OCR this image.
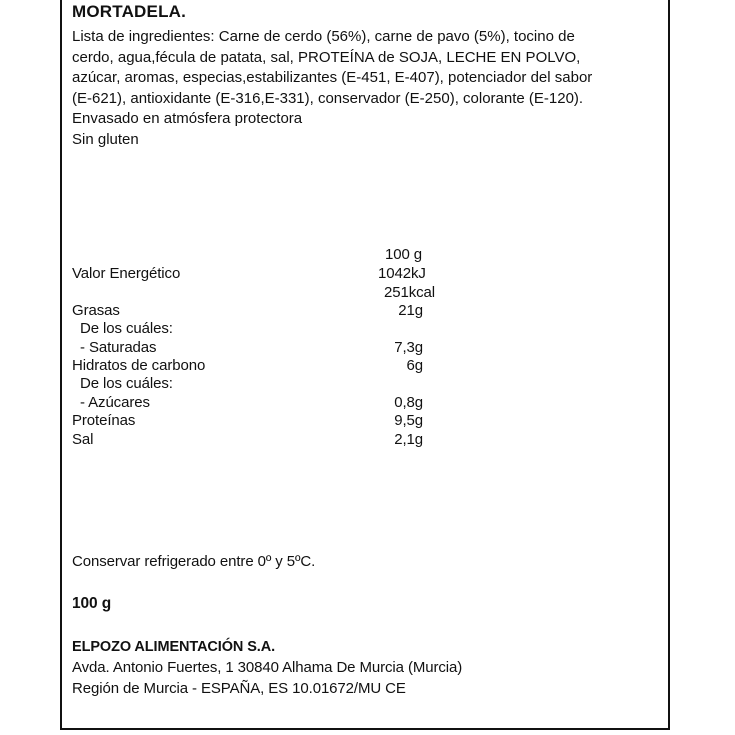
MORTADELA.
Lista de ingredientes: Carne de cerdo (56%), carne de pavo (5%), tocino de
cerdo, agua,fécula de patata, sal, PROTEÍNA de SOJA, LECHE EN POLVO,
azúcar, aromas, especias,estabilizantes (E-451, E-407), potenciador del sabor
(E-621), antioxidante (E-316,E-331), conservador (E-250), colorante (E-120).
Envasado en atmósfera protectora
Sin gluten
100 g
Valor Energético	1042kJ
251kcal
Grasas	21g
De los cuáles:
- Saturadas	7,3g
Hidratos de carbono	6g
De los cuáles:
- Azúcares	0,8g
Proteínas	9,5g
Sal	2,1g
Conservar refrigerado entre 0º y 5ºC.
100 g
ELPOZO ALIMENTACIÓN S.A.
Avda. Antonio Fuertes, 1 30840 Alhama De Murcia (Murcia)
Región de Murcia - ESPAÑA, ES 10.01672/MU CE
